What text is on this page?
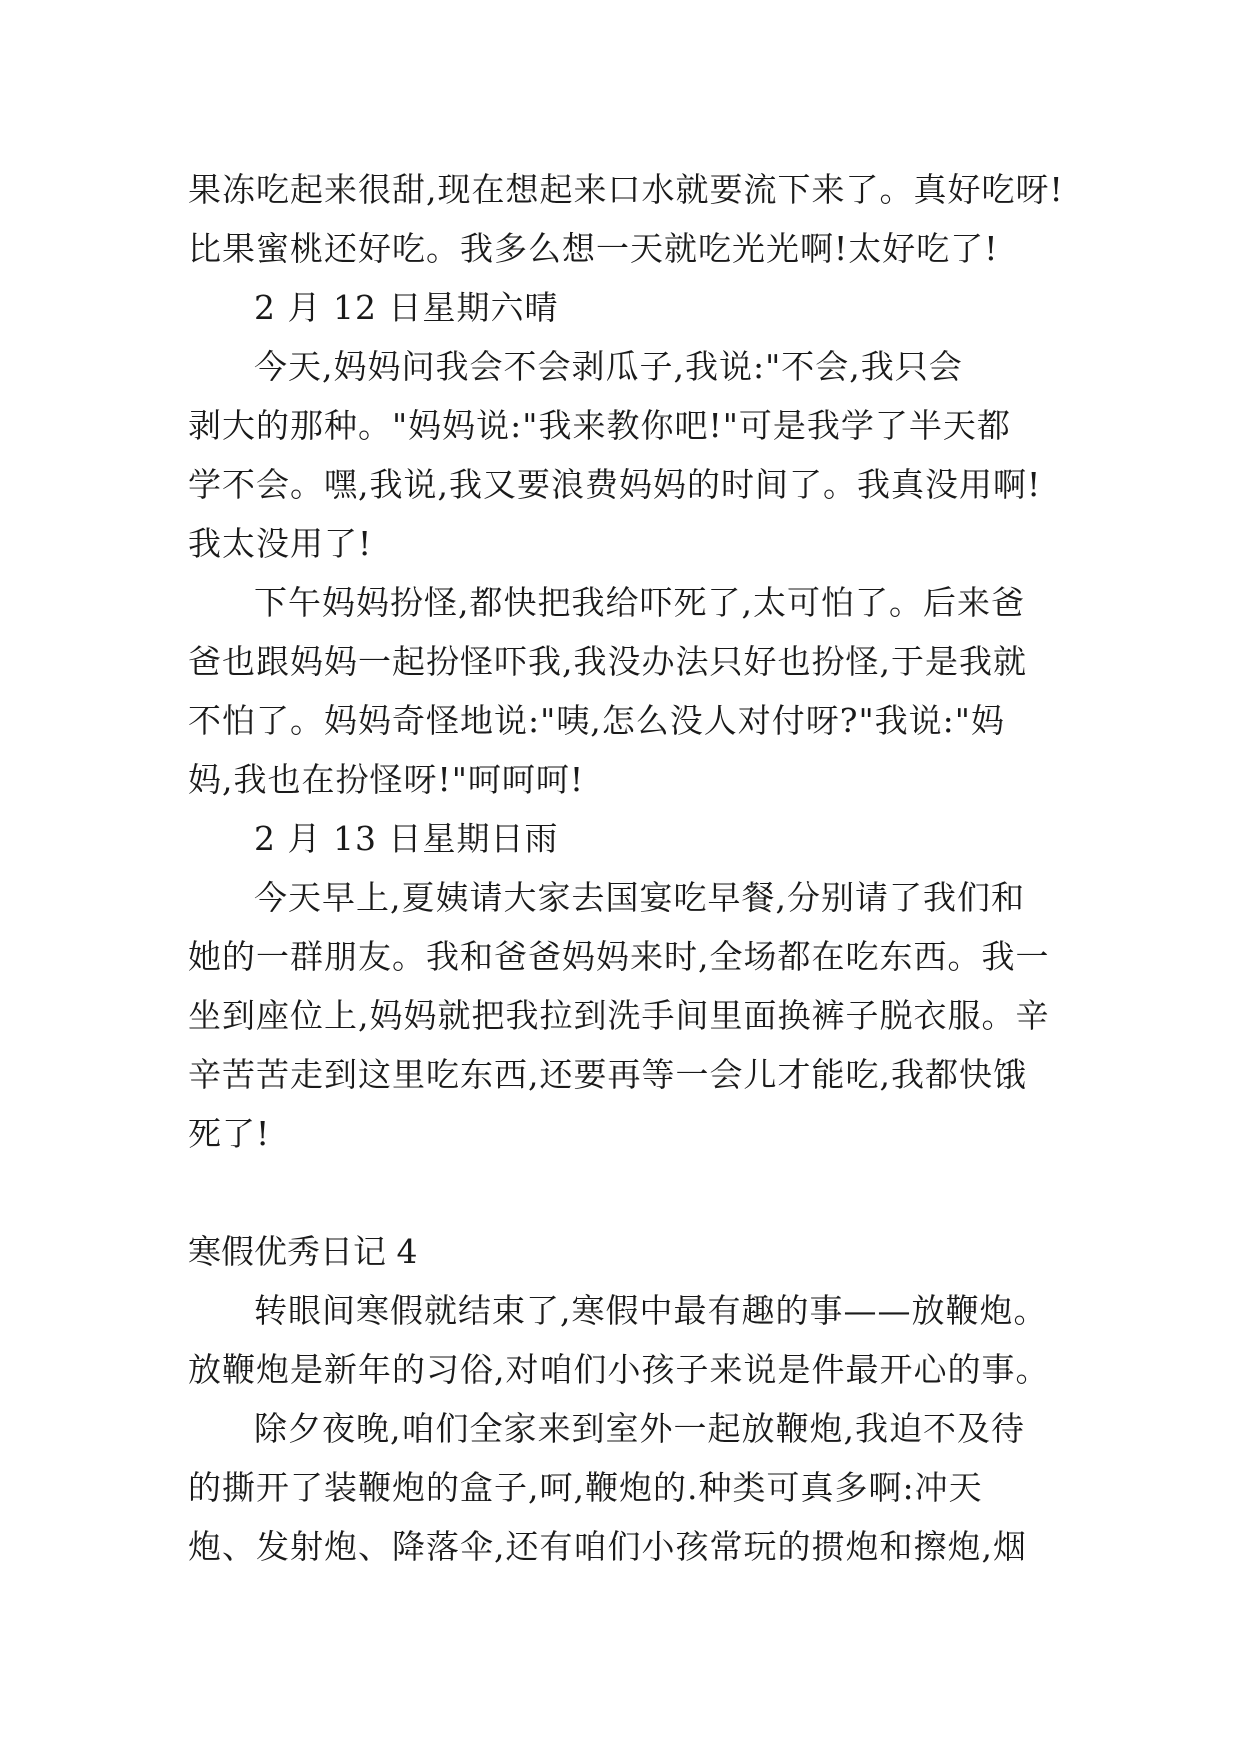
果冻吃起来很甜,现在想起来口水就要流下来了。真好吃呀!
比果蜜桃还好吃。我多么想一天就吃光光啊!太好吃了!
2 月 12 日星期六晴
今天,妈妈问我会不会剥瓜子,我说:"不会,我只会
剥大的那种。"妈妈说:"我来教你吧!"可是我学了半天都
学不会。嘿,我说,我又要浪费妈妈的时间了。我真没用啊!
我太没用了!
下午妈妈扮怪,都快把我给吓死了,太可怕了。后来爸
爸也跟妈妈一起扮怪吓我,我没办法只好也扮怪,于是我就
不怕了。妈妈奇怪地说:"咦,怎么没人对付呀?"我说:"妈
妈,我也在扮怪呀!"呵呵呵!
2 月 13 日星期日雨
今天早上,夏姨请大家去国宴吃早餐,分别请了我们和
她的一群朋友。我和爸爸妈妈来时,全场都在吃东西。我一
坐到座位上,妈妈就把我拉到洗手间里面换裤子脱衣服。辛
辛苦苦走到这里吃东西,还要再等一会儿才能吃,我都快饿
死了!
寒假优秀日记 4
转眼间寒假就结束了,寒假中最有趣的事——放鞭炮。
放鞭炮是新年的习俗,对咱们小孩子来说是件最开心的事。
除夕夜晚,咱们全家来到室外一起放鞭炮,我迫不及待
的撕开了装鞭炮的盒子,呵,鞭炮的.种类可真多啊:冲天
炮、发射炮、降落伞,还有咱们小孩常玩的掼炮和擦炮,烟
